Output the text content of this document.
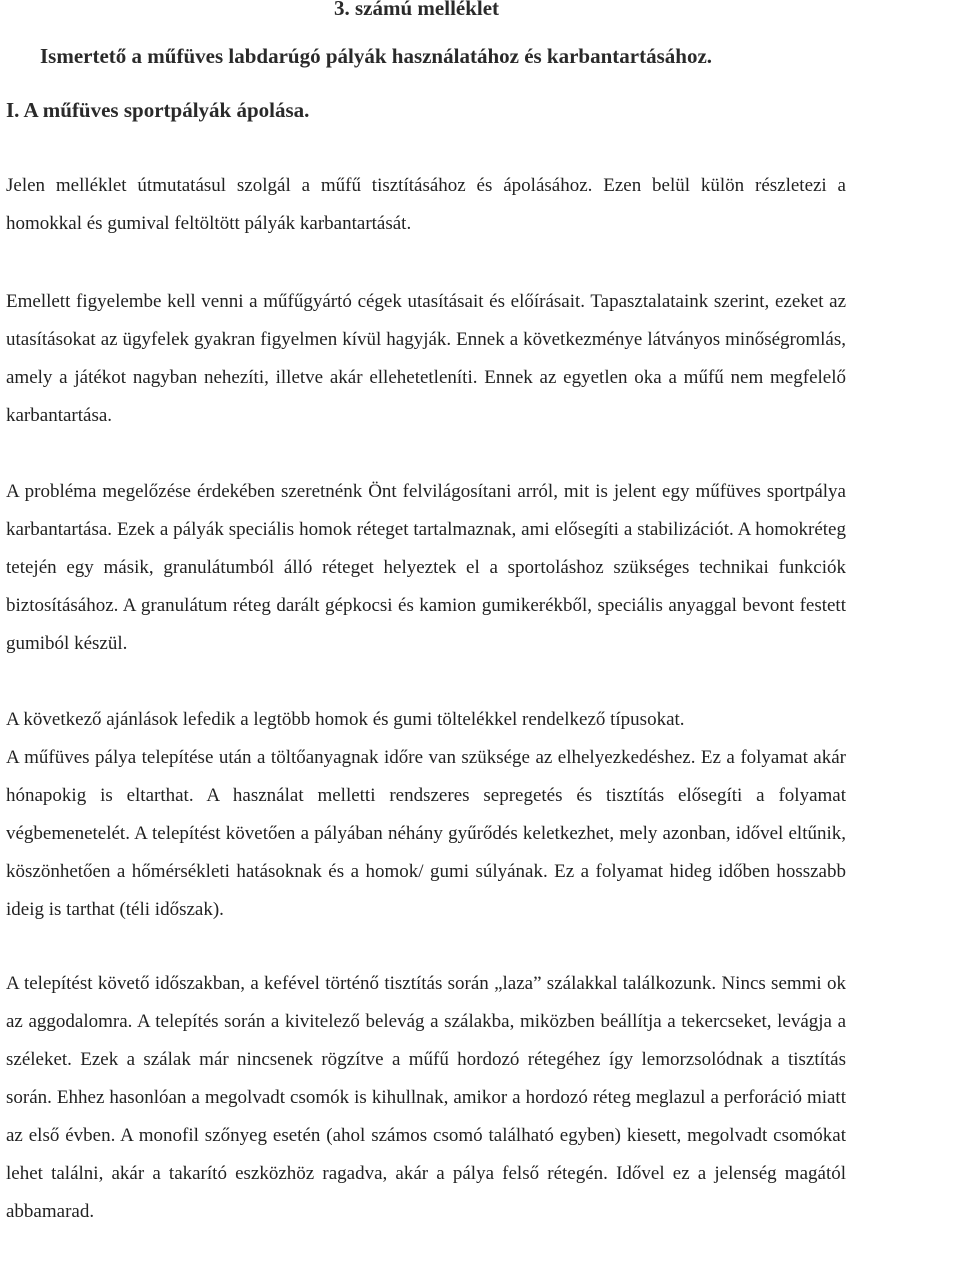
3. számú melléklet
Ismertető a műfüves labdarúgó pályák használatához és karbantartásához.
I. A műfüves sportpályák ápolása.

Jelen melléklet útmutatásul szolgál a műfű tisztításához és ápolásához. Ezen belül külön részletezi a homokkal és gumival feltöltött pályák karbantartását.

Emellett figyelembe kell venni a műfűgyártó cégek utasításait és előírásait. Tapasztalataink szerint, ezeket az utasításokat az ügyfelek gyakran figyelmen kívül hagyják. Ennek a következménye látványos minőségromlás, amely a játékot nagyban nehezíti, illetve akár ellehetetleníti. Ennek az egyetlen oka a műfű nem megfelelő karbantartása.

A probléma megelőzése érdekében szeretnénk Önt felvilágosítani arról, mit is jelent egy műfüves sportpálya karbantartása. Ezek a pályák speciális homok réteget tartalmaznak, ami elősegíti a stabilizációt. A homokréteg tetején egy másik, granulátumból álló réteget helyeztek el a sportoláshoz szükséges technikai funkciók biztosításához. A granulátum réteg darált gépkocsi és kamion gumikerékből, speciális anyaggal bevont festett gumiból készül.

A következő ajánlások lefedik a legtöbb homok és gumi töltelékkel rendelkező típusokat.

A műfüves pálya telepítése után a töltőanyagnak időre van szüksége az elhelyezkedéshez. Ez a folyamat akár hónapokig is eltarthat. A használat melletti rendszeres sepregetés és tisztítás elősegíti a folyamat végbemenetelét. A telepítést követően a pályában néhány gyűrődés keletkezhet, mely azonban, idővel eltűnik, köszönhetően a hőmérsékleti hatásoknak és a homok/ gumi súlyának. Ez a folyamat hideg időben hosszabb ideig is tarthat (téli időszak).

A telepítést követő időszakban, a kefével történő tisztítás során „laza” szálakkal találkozunk. Nincs semmi ok az aggodalomra. A telepítés során a kivitelező belevág a szálakba, miközben beállítja a tekercseket, levágja a széleket. Ezek a szálak már nincsenek rögzítve a műfű hordozó rétegéhez így lemorzsolódnak a tisztítás során. Ehhez hasonlóan a megolvadt csomók is kihullnak, amikor a hordozó réteg meglazul a perforáció miatt az első évben. A monofil szőnyeg esetén (ahol számos csomó található egyben) kiesett, megolvadt csomókat lehet találni, akár a takarító eszközhöz ragadva, akár a pálya felső rétegén. Idővel ez a jelenség magától abbamarad.
